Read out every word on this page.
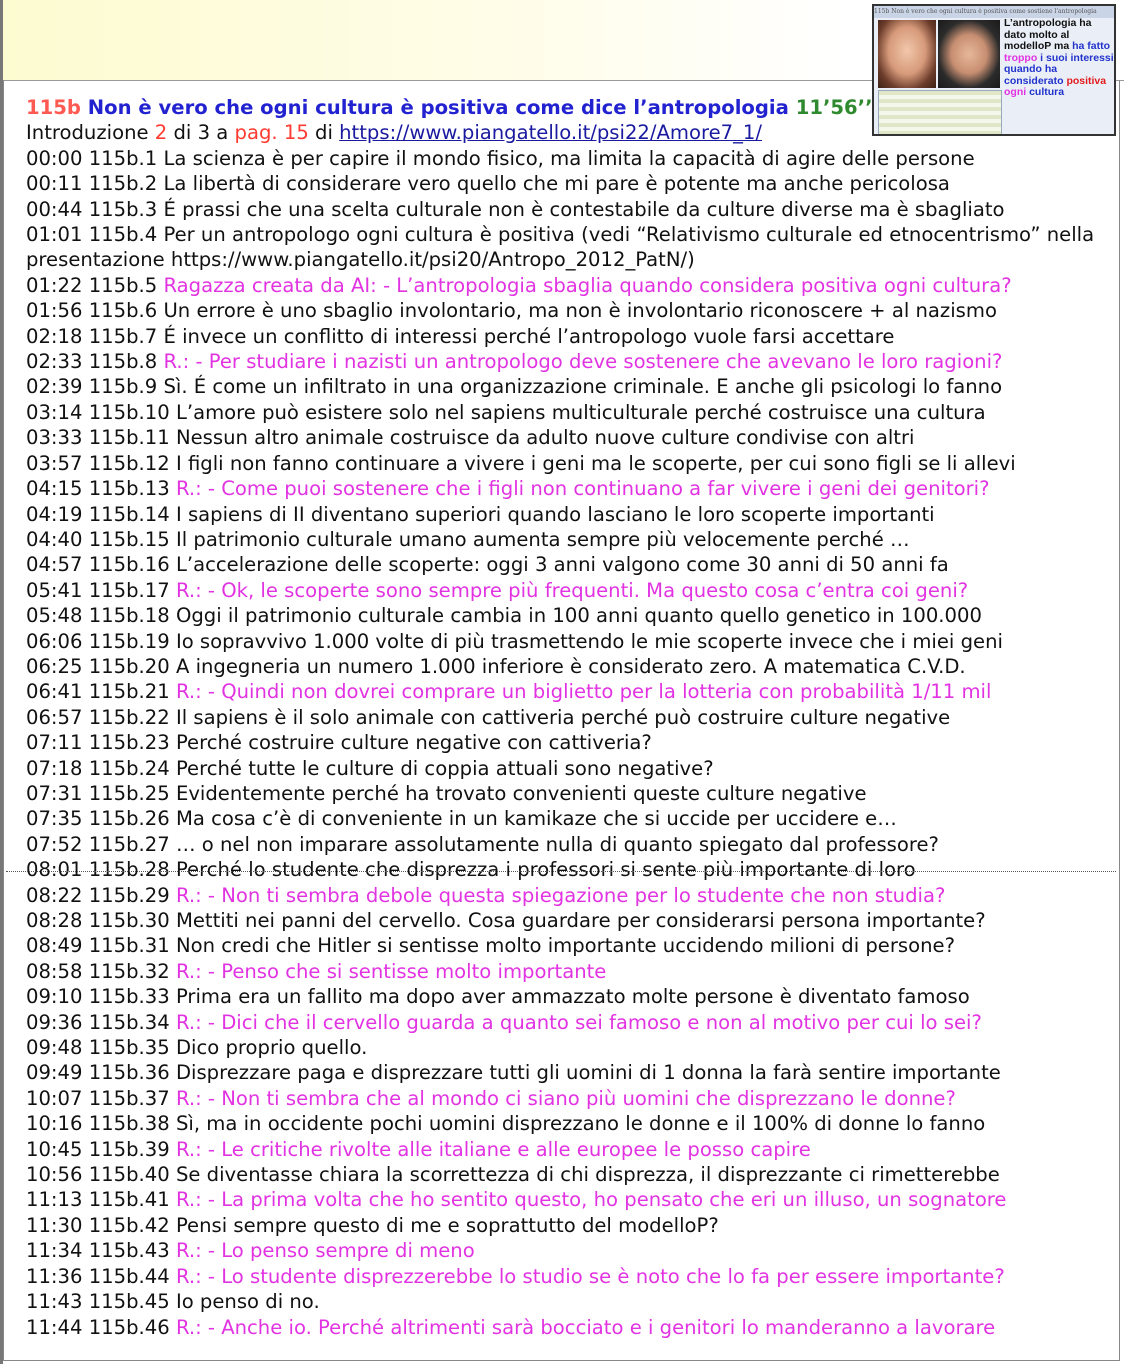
115b Non è vero che ogni cultura è positiva come sostiene l'antropologia
L’antropologia ha dato molto al modelloP ma ha fatto troppo i suoi interessi quando ha considerato positiva ogni cultura
115b Non è vero che ogni cultura è positiva come dice l’antropologia 11’56’’
Introduzione 2 di 3 a pag. 15 di https://www.piangatello.it/psi22/Amore7_1/
00:00 115b.1 La scienza è per capire il mondo fisico, ma limita la capacità di agire delle persone
00:11 115b.2 La libertà di considerare vero quello che mi pare è potente ma anche pericolosa
00:44 115b.3 É prassi che una scelta culturale non è contestabile da culture diverse ma è sbagliato
01:01 115b.4 Per un antropologo ogni cultura è positiva (vedi “Relativismo culturale ed etnocentrismo” nella presentazione https://www.piangatello.it/psi20/Antropo_2012_PatN/)
01:22 115b.5 Ragazza creata da AI: - L’antropologia sbaglia quando considera positiva ogni cultura?
01:56 115b.6 Un errore è uno sbaglio involontario, ma non è involontario riconoscere + al nazismo
02:18 115b.7 É invece un conflitto di interessi perché l’antropologo vuole farsi accettare
02:33 115b.8 R.: - Per studiare i nazisti un antropologo deve sostenere che avevano le loro ragioni?
02:39 115b.9 Sì. É come un infiltrato in una organizzazione criminale. E anche gli psicologi lo fanno
03:14 115b.10 L’amore può esistere solo nel sapiens multiculturale perché costruisce una cultura
03:33 115b.11 Nessun altro animale costruisce da adulto nuove culture condivise con altri
03:57 115b.12 I figli non fanno continuare a vivere i geni ma le scoperte, per cui sono figli se li allevi
04:15 115b.13 R.: - Come puoi sostenere che i figli non continuano a far vivere i geni dei genitori?
04:19 115b.14 I sapiens di II diventano superiori quando lasciano le loro scoperte importanti
04:40 115b.15 Il patrimonio culturale umano aumenta sempre più velocemente perché …
04:57 115b.16 L’accelerazione delle scoperte: oggi 3 anni valgono come 30 anni di 50 anni fa
05:41 115b.17 R.: - Ok, le scoperte sono sempre più frequenti. Ma questo cosa c’entra coi geni?
05:48 115b.18 Oggi il patrimonio culturale cambia in 100 anni quanto quello genetico in 100.000
06:06 115b.19 Io sopravvivo 1.000 volte di più trasmettendo le mie scoperte invece che i miei geni
06:25 115b.20 A ingegneria un numero 1.000 inferiore è considerato zero. A matematica C.V.D.
06:41 115b.21 R.: - Quindi non dovrei comprare un biglietto per la lotteria con probabilità 1/11 mil
06:57 115b.22 Il sapiens è il solo animale con cattiveria perché può costruire culture negative
07:11 115b.23 Perché costruire culture negative con cattiveria?
07:18 115b.24 Perché tutte le culture di coppia attuali sono negative?
07:31 115b.25 Evidentemente perché ha trovato convenienti queste culture negative
07:35 115b.26 Ma cosa c’è di conveniente in un kamikaze che si uccide per uccidere e…
07:52 115b.27 … o nel non imparare assolutamente nulla di quanto spiegato dal professore?
08:01 115b.28 Perché lo studente che disprezza i professori si sente più importante di loro
08:22 115b.29 R.: - Non ti sembra debole questa spiegazione per lo studente che non studia?
08:28 115b.30 Mettiti nei panni del cervello. Cosa guardare per considerarsi persona importante?
08:49 115b.31 Non credi che Hitler si sentisse molto importante uccidendo milioni di persone?
08:58 115b.32 R.: - Penso che si sentisse molto importante
09:10 115b.33 Prima era un fallito ma dopo aver ammazzato molte persone è diventato famoso
09:36 115b.34 R.: - Dici che il cervello guarda a quanto sei famoso e non al motivo per cui lo sei?
09:48 115b.35 Dico proprio quello.
09:49 115b.36 Disprezzare paga e disprezzare tutti gli uomini di 1 donna la farà sentire importante
10:07 115b.37 R.: - Non ti sembra che al mondo ci siano più uomini che disprezzano le donne?
10:16 115b.38 Sì, ma in occidente pochi uomini disprezzano le donne e il 100% di donne lo fanno
10:45 115b.39 R.: - Le critiche rivolte alle italiane e alle europee le posso capire
10:56 115b.40 Se diventasse chiara la scorrettezza di chi disprezza, il disprezzante ci rimetterebbe
11:13 115b.41 R.: - La prima volta che ho sentito questo, ho pensato che eri un illuso, un sognatore
11:30 115b.42 Pensi sempre questo di me e soprattutto del modelloP?
11:34 115b.43 R.: - Lo penso sempre di meno
11:36 115b.44 R.: - Lo studente disprezzerebbe lo studio se è noto che lo fa per essere importante?
11:43 115b.45 Io penso di no.
11:44 115b.46 R.: - Anche io. Perché altrimenti sarà bocciato e i genitori lo manderanno a lavorare
